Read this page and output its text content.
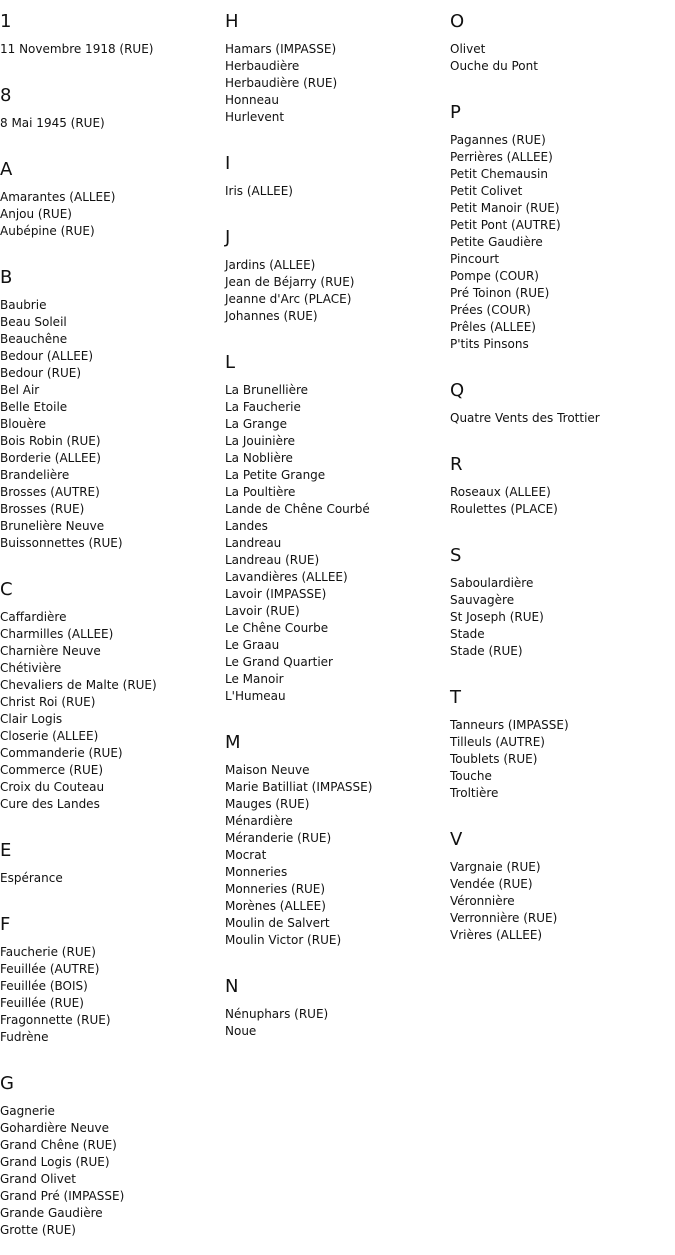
1
11 Novembre 1918 (RUE)
8
8 Mai 1945 (RUE)
A
Amarantes (ALLEE)
Anjou (RUE)
Aubépine (RUE)
B
Baubrie
Beau Soleil
Beauchêne
Bedour (ALLEE)
Bedour (RUE)
Bel Air
Belle Etoile
Blouère
Bois Robin (RUE)
Borderie (ALLEE)
Brandelière
Brosses (AUTRE)
Brosses (RUE)
Brunelière Neuve
Buissonnettes (RUE)
C
Caffardière
Charmilles (ALLEE)
Charnière Neuve
Chétivière
Chevaliers de Malte (RUE)
Christ Roi (RUE)
Clair Logis
Closerie (ALLEE)
Commanderie (RUE)
Commerce (RUE)
Croix du Couteau
Cure des Landes
E
Espérance
F
Faucherie (RUE)
Feuillée (AUTRE)
Feuillée (BOIS)
Feuillée (RUE)
Fragonnette (RUE)
Fudrène
G
Gagnerie
Gohardière Neuve
Grand Chêne (RUE)
Grand Logis (RUE)
Grand Olivet
Grand Pré (IMPASSE)
Grande Gaudière
Grotte (RUE)
H
Hamars (IMPASSE)
Herbaudière
Herbaudière (RUE)
Honneau
Hurlevent
I
Iris (ALLEE)
J
Jardins (ALLEE)
Jean de Béjarry (RUE)
Jeanne d'Arc (PLACE)
Johannes (RUE)
L
La Brunellière
La Faucherie
La Grange
La Jouinière
La Noblière
La Petite Grange
La Poultière
Lande de Chêne Courbé
Landes
Landreau
Landreau (RUE)
Lavandières (ALLEE)
Lavoir (IMPASSE)
Lavoir (RUE)
Le Chêne Courbe
Le Graau
Le Grand Quartier
Le Manoir
L'Humeau
M
Maison Neuve
Marie Batilliat (IMPASSE)
Mauges (RUE)
Ménardière
Méranderie (RUE)
Mocrat
Monneries
Monneries (RUE)
Morènes (ALLEE)
Moulin de Salvert
Moulin Victor (RUE)
N
Nénuphars (RUE)
Noue
O
Olivet
Ouche du Pont
P
Pagannes (RUE)
Perrières (ALLEE)
Petit Chemausin
Petit Colivet
Petit Manoir (RUE)
Petit Pont (AUTRE)
Petite Gaudière
Pincourt
Pompe (COUR)
Pré Toinon (RUE)
Prées (COUR)
Prêles (ALLEE)
P'tits Pinsons
Q
Quatre Vents des Trottier
R
Roseaux (ALLEE)
Roulettes (PLACE)
S
Saboulardière
Sauvagère
St Joseph (RUE)
Stade
Stade (RUE)
T
Tanneurs (IMPASSE)
Tilleuls (AUTRE)
Toublets (RUE)
Touche
Troltière
V
Vargnaie (RUE)
Vendée (RUE)
Véronnière
Verronnière (RUE)
Vrières (ALLEE)
